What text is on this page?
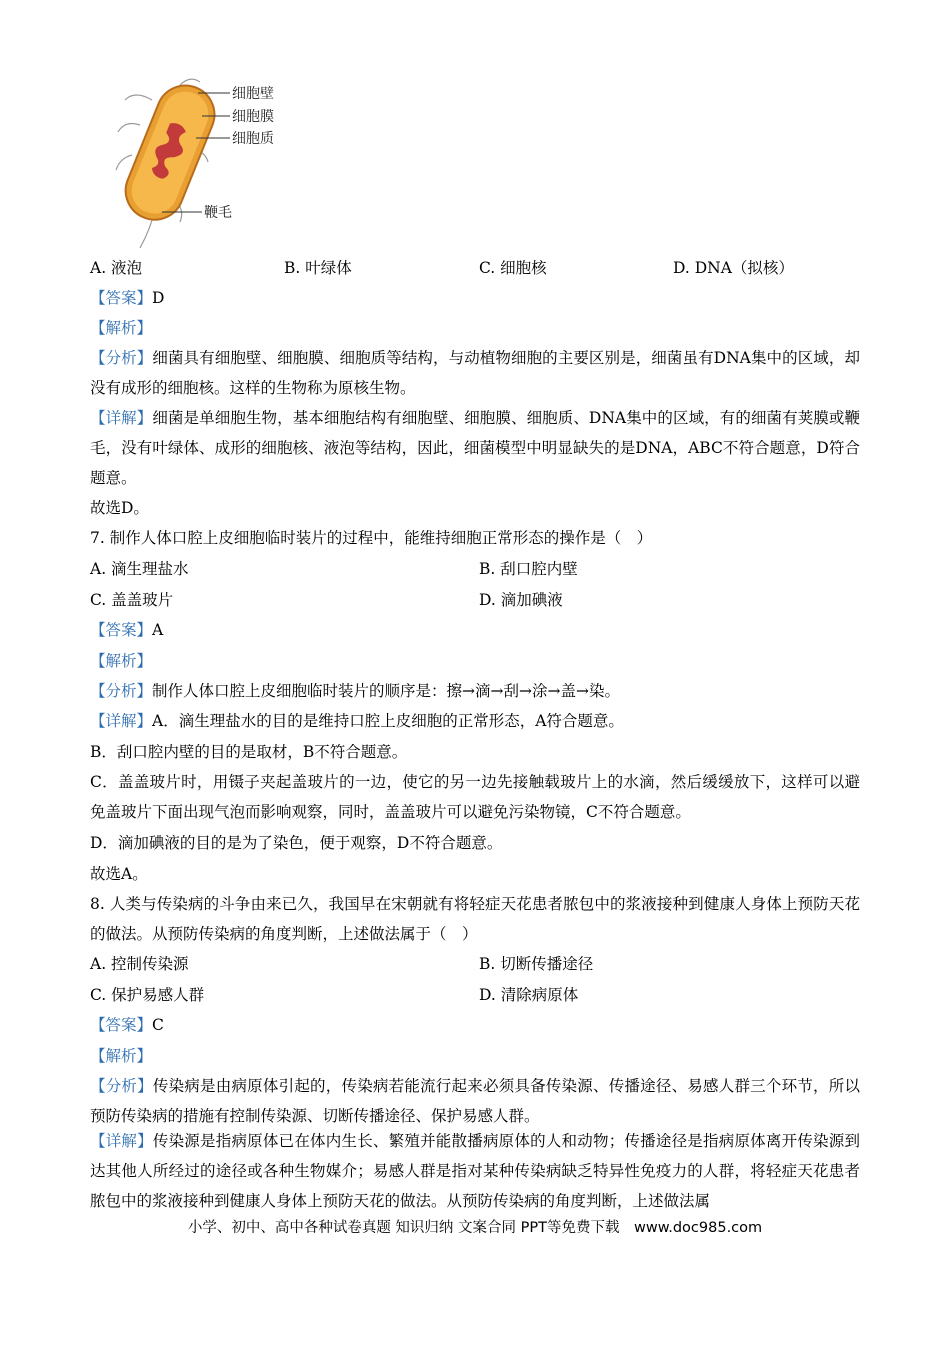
细胞壁
细胞膜
细胞质
鞭毛
A. 液泡	B. 叶绿体	C. 细胞核	D. DNA（拟核）
【答案】D
【解析】
【分析】细菌具有细胞壁、细胞膜、细胞质等结构，与动植物细胞的主要区别是，细菌虽有DNA集中的区域，却没有成形的细胞核。这样的生物称为原核生物。
【详解】细菌是单细胞生物，基本细胞结构有细胞壁、细胞膜、细胞质、DNA集中的区域，有的细菌有荚膜或鞭毛，没有叶绿体、成形的细胞核、液泡等结构，因此，细菌模型中明显缺失的是DNA，ABC不符合题意，D符合题意。
故选D。
7. 制作人体口腔上皮细胞临时装片的过程中，能维持细胞正常形态的操作是（　）
A. 滴生理盐水	B. 刮口腔内壁
C. 盖盖玻片	D. 滴加碘液
【答案】A
【解析】
【分析】制作人体口腔上皮细胞临时装片的顺序是：擦→滴→刮→涂→盖→染。
【详解】A．滴生理盐水的目的是维持口腔上皮细胞的正常形态，A符合题意。
B．刮口腔内壁的目的是取材，B不符合题意。
C．盖盖玻片时，用镊子夹起盖玻片的一边，使它的另一边先接触载玻片上的水滴，然后缓缓放下，这样可以避免盖玻片下面出现气泡而影响观察，同时，盖盖玻片可以避免污染物镜，C不符合题意。
D．滴加碘液的目的是为了染色，便于观察，D不符合题意。
故选A。
8. 人类与传染病的斗争由来已久，我国早在宋朝就有将轻症天花患者脓包中的浆液接种到健康人身体上预防天花的做法。从预防传染病的角度判断，上述做法属于（　）
A. 控制传染源	B. 切断传播途径
C. 保护易感人群	D. 清除病原体
【答案】C
【解析】
【分析】传染病是由病原体引起的，传染病若能流行起来必须具备传染源、传播途径、易感人群三个环节，所以预防传染病的措施有控制传染源、切断传播途径、保护易感人群。
【详解】传染源是指病原体已在体内生长、繁殖并能散播病原体的人和动物；传播途径是指病原体离开传染源到达其他人所经过的途径或各种生物媒介；易感人群是指对某种传染病缺乏特异性免疫力的人群，将轻症天花患者脓包中的浆液接种到健康人身体上预防天花的做法。从预防传染病的角度判断，上述做法属
小学、初中、高中各种试卷真题 知识归纳 文案合同 PPT等免费下载　www.doc985.com
